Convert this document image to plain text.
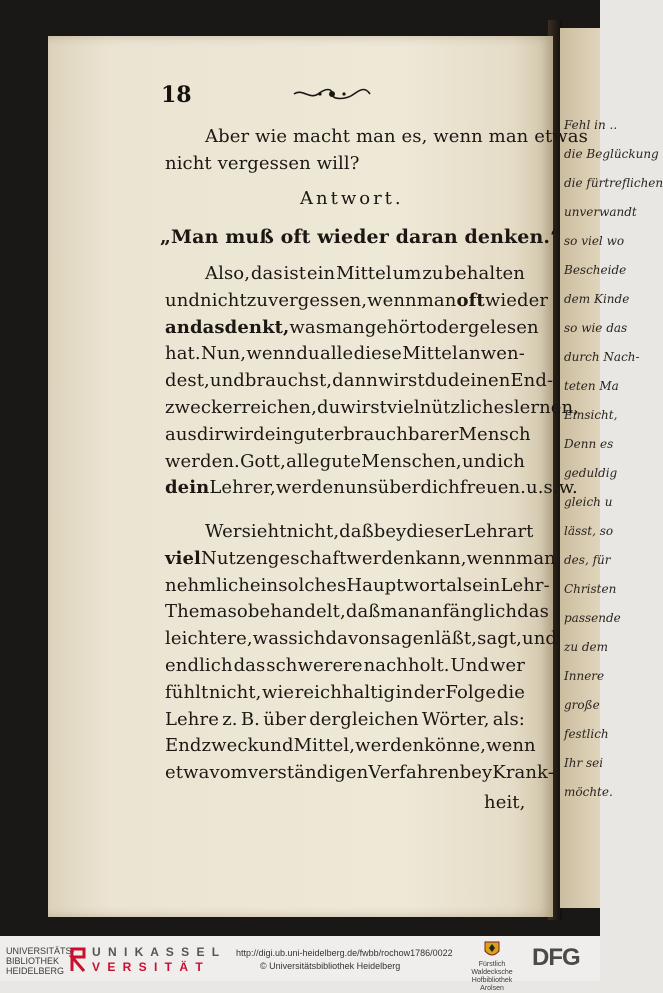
Fehl in ..
die Beglückung
die fürtreflichen
unverwandt
so viel wo
Bescheide
dem Kinde
so wie das
durch Nach-
teten Ma
Einsicht,
Denn es
geduldig
gleich u
lässt, so
des, für
Christen
passende
zu dem
Innere
große
festlich
Ihr sei
möchte.
18
Aber wie macht man es, wenn man etwas
nicht vergessen will?
Antwort.
„Man muß oft wieder daran denken.“
Also, das ist ein Mittel um zu behalten
und nicht zu vergessen, wenn man oft wieder
an das denkt, was man gehört oder gelesen
hat. Nun, wenn du alle diese Mittel anwen-
dest, und brauchst, dann wirst du deinen End-
zweck erreichen, du wirst viel nützliches lernen,
aus dir wird ein guter brauchbarer Mensch
werden. Gott, alle gute Menschen, und ich
dein Lehrer, werden uns über dich freuen. u. s. w.
Wer sieht nicht, daß bey dieser Lehrart
viel Nutzen geschaft werden kann, wenn man
nehmlich ein solches Hauptwort als ein Lehr-
Thema so behandelt, daß man anfänglich das
leichtere, was sich davon sagen läßt, sagt, und
endlich das schwerere nachholt. Und wer
fühlt nicht, wie reichhaltig in der Folge die
Lehre z. B. über dergleichen Wörter, als:
Endzweck und Mittel, werden könne, wenn
etwa vom verständigen Verfahren bey Krank-
heit,
UNIVERSITÄTS-
BIBLIOTHEK
HEIDELBERG
U N I K A S S E L
V E R S I T Ä T
http://digi.ub.uni-heidelberg.de/fwbb/rochow1786/0022
© Universitätsbibliothek Heidelberg	Fürstlich Waldecksche
Hofbibliothek Arolsen
DFG
